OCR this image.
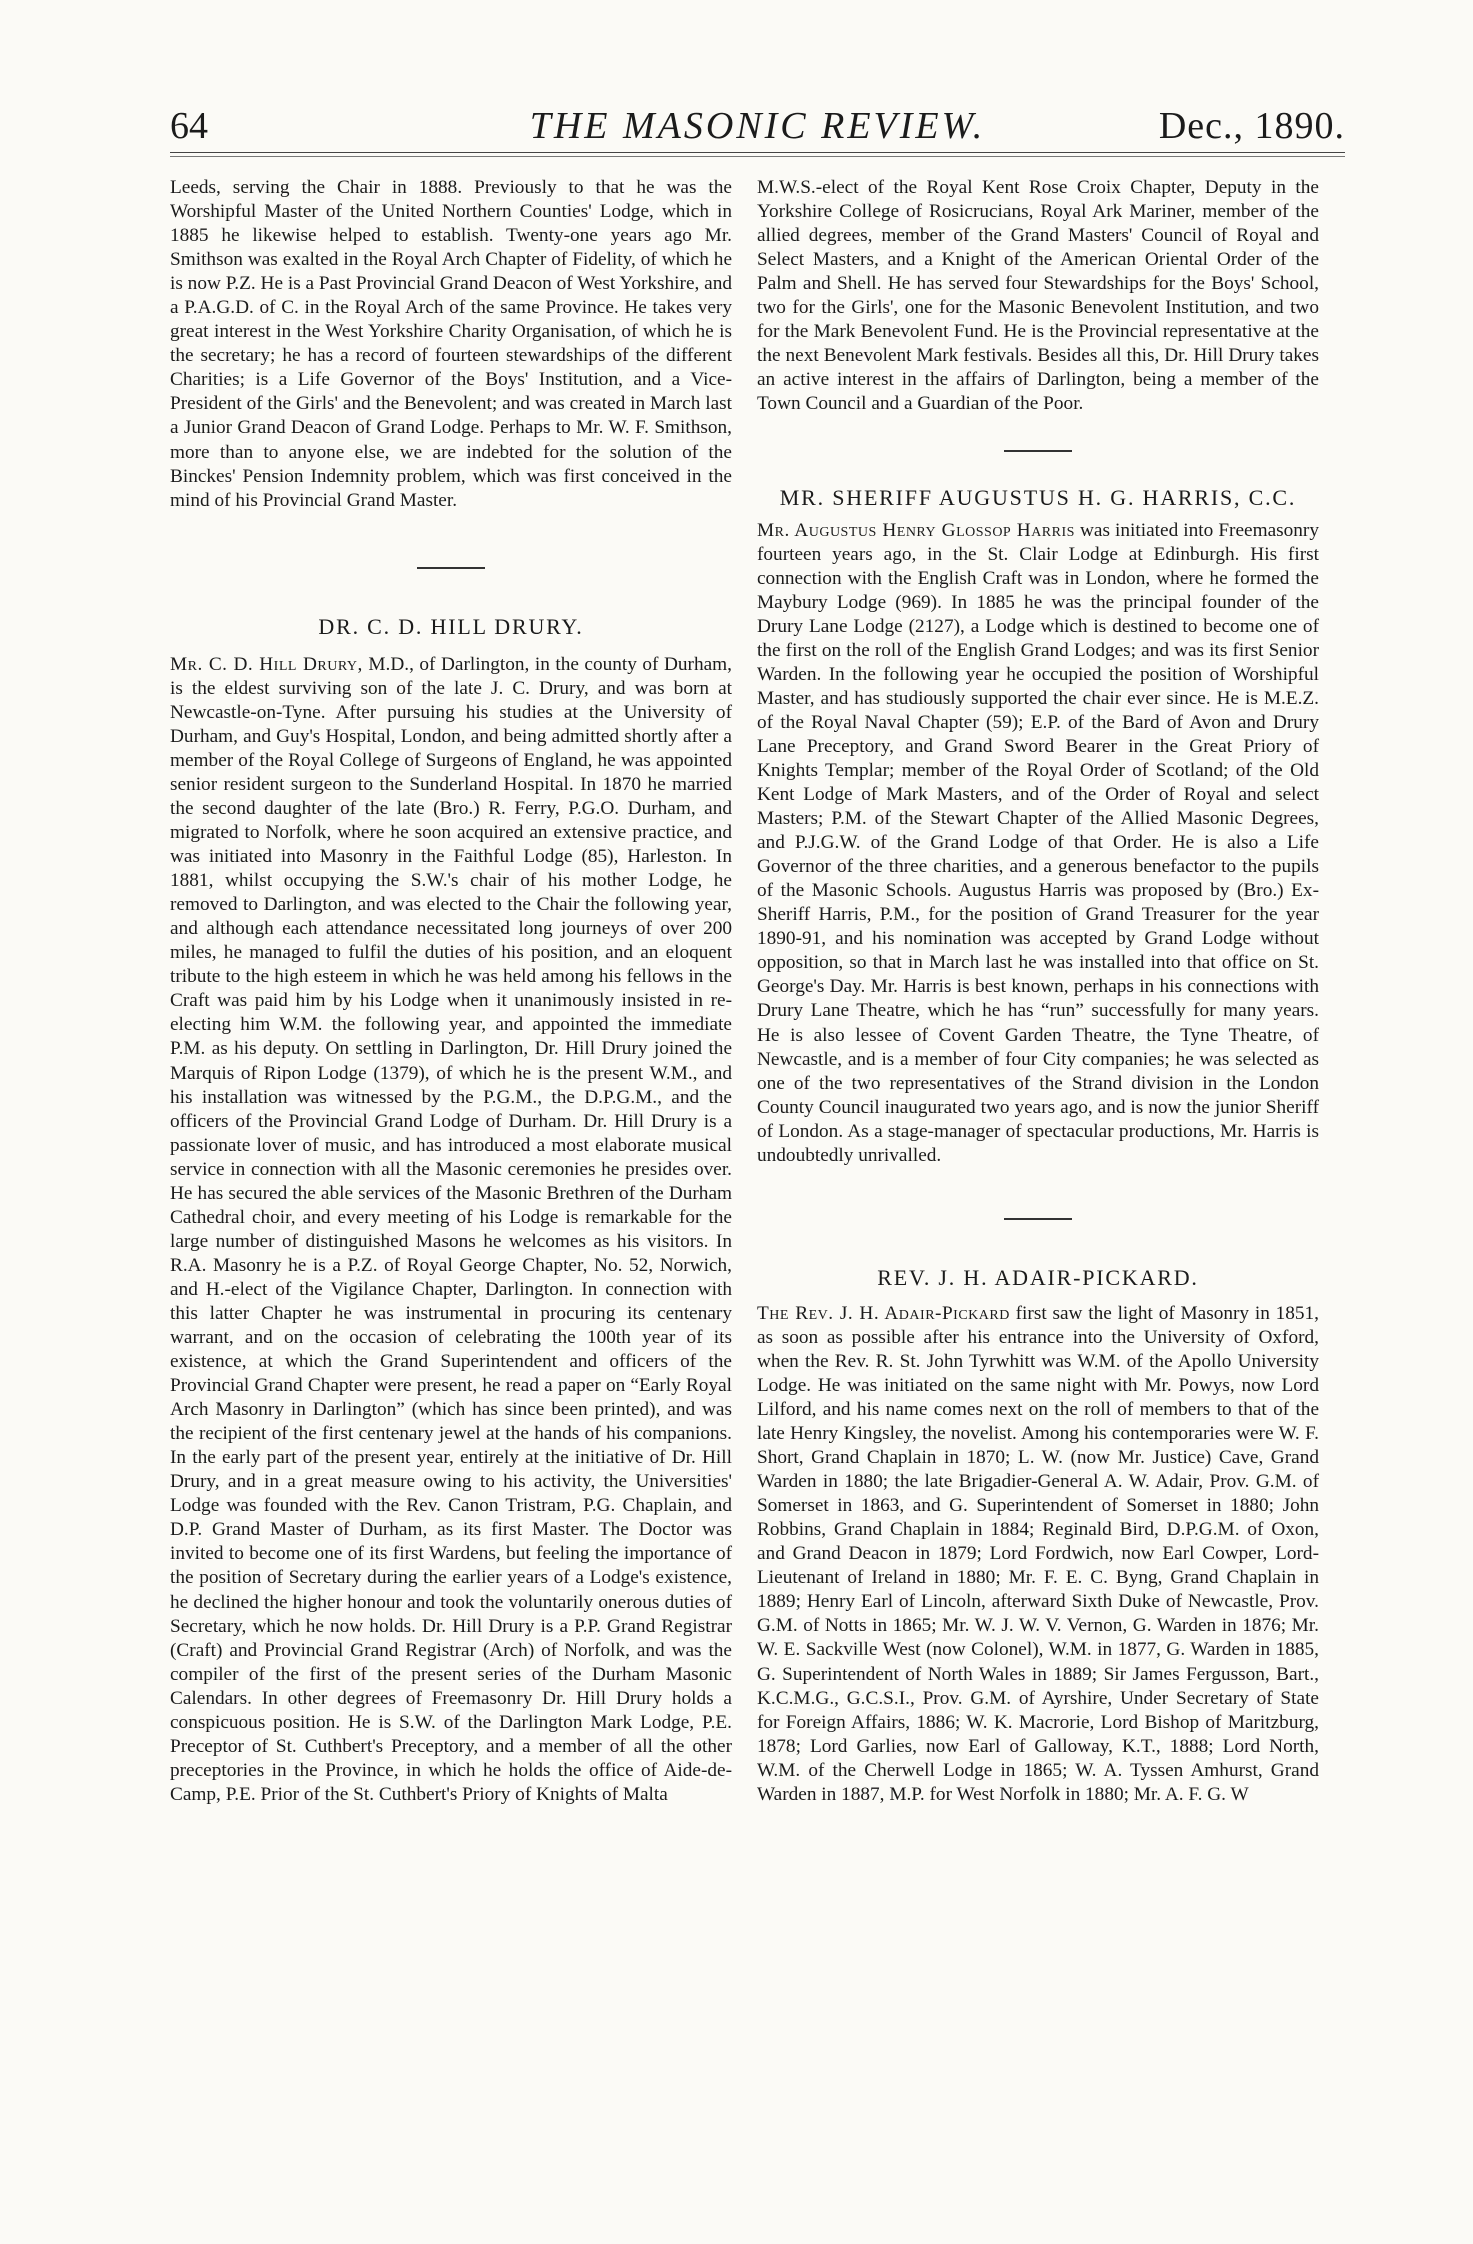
64	THE MASONIC REVIEW.	Dec., 1890.

Leeds, serving the Chair in 1888. Previously to that he was the Worshipful Master of the United Northern Counties' Lodge, which in 1885 he likewise helped to establish. Twenty-one years ago Mr. Smithson was exalted in the Royal Arch Chapter of Fidelity, of which he is now P.Z. He is a Past Provincial Grand Deacon of West Yorkshire, and a P.A.G.D. of C. in the Royal Arch of the same Province. He takes very great interest in the West Yorkshire Charity Organisation, of which he is the secretary; he has a record of fourteen stewardships of the different Charities; is a Life Governor of the Boys' Institution, and a Vice-President of the Girls' and the Benevolent; and was created in March last a Junior Grand Deacon of Grand Lodge. Perhaps to Mr. W. F. Smithson, more than to anyone else, we are indebted for the solution of the Binckes' Pension Indemnity problem, which was first conceived in the mind of his Provincial Grand Master.

DR. C. D. HILL DRURY.

Mr. C. D. Hill Drury, M.D., of Darlington, in the county of Durham, is the eldest surviving son of the late J. C. Drury, and was born at Newcastle-on-Tyne. After pursuing his studies at the University of Durham, and Guy's Hospital, London, and being admitted shortly after a member of the Royal College of Surgeons of England, he was appointed senior resident surgeon to the Sunderland Hospital. In 1870 he married the second daughter of the late (Bro.) R. Ferry, P.G.O. Durham, and migrated to Norfolk, where he soon acquired an extensive practice, and was initiated into Masonry in the Faithful Lodge (85), Harleston. In 1881, whilst occupying the S.W.'s chair of his mother Lodge, he removed to Darlington, and was elected to the Chair the following year, and although each attendance necessitated long journeys of over 200 miles, he managed to fulfil the duties of his position, and an eloquent tribute to the high esteem in which he was held among his fellows in the Craft was paid him by his Lodge when it unanimously insisted in re-electing him W.M. the following year, and appointed the immediate P.M. as his deputy. On settling in Darlington, Dr. Hill Drury joined the Marquis of Ripon Lodge (1379), of which he is the present W.M., and his installation was witnessed by the P.G.M., the D.P.G.M., and the officers of the Provincial Grand Lodge of Durham. Dr. Hill Drury is a passionate lover of music, and has introduced a most elaborate musical service in connection with all the Masonic ceremonies he presides over. He has secured the able services of the Masonic Brethren of the Durham Cathedral choir, and every meeting of his Lodge is remarkable for the large number of distinguished Masons he welcomes as his visitors. In R.A. Masonry he is a P.Z. of Royal George Chapter, No. 52, Norwich, and H.-elect of the Vigilance Chapter, Darlington. In connection with this latter Chapter he was instrumental in procuring its centenary warrant, and on the occasion of celebrating the 100th year of its existence, at which the Grand Superintendent and officers of the Provincial Grand Chapter were present, he read a paper on “Early Royal Arch Masonry in Darlington” (which has since been printed), and was the recipient of the first centenary jewel at the hands of his companions. In the early part of the present year, entirely at the initiative of Dr. Hill Drury, and in a great measure owing to his activity, the Universities' Lodge was founded with the Rev. Canon Tristram, P.G. Chaplain, and D.P. Grand Master of Durham, as its first Master. The Doctor was invited to become one of its first Wardens, but feeling the importance of the position of Secretary during the earlier years of a Lodge's existence, he declined the higher honour and took the voluntarily onerous duties of Secretary, which he now holds. Dr. Hill Drury is a P.P. Grand Registrar (Craft) and Provincial Grand Registrar (Arch) of Norfolk, and was the compiler of the first of the present series of the Durham Masonic Calendars. In other degrees of Freemasonry Dr. Hill Drury holds a conspicuous position. He is S.W. of the Darlington Mark Lodge, P.E. Preceptor of St. Cuthbert's Preceptory, and a member of all the other preceptories in the Province, in which he holds the office of Aide-de-Camp, P.E. Prior of the St. Cuthbert's Priory of Knights of Malta

M.W.S.-elect of the Royal Kent Rose Croix Chapter, Deputy in the Yorkshire College of Rosicrucians, Royal Ark Mariner, member of the allied degrees, member of the Grand Masters' Council of Royal and Select Masters, and a Knight of the American Oriental Order of the Palm and Shell. He has served four Stewardships for the Boys' School, two for the Girls', one for the Masonic Benevolent Institution, and two for the Mark Benevolent Fund. He is the Provincial representative at the the next Benevolent Mark festivals. Besides all this, Dr. Hill Drury takes an active interest in the affairs of Darlington, being a member of the Town Council and a Guardian of the Poor.

MR. SHERIFF AUGUSTUS H. G. HARRIS, C.C.

Mr. Augustus Henry Glossop Harris was initiated into Freemasonry fourteen years ago, in the St. Clair Lodge at Edinburgh. His first connection with the English Craft was in London, where he formed the Maybury Lodge (969). In 1885 he was the principal founder of the Drury Lane Lodge (2127), a Lodge which is destined to become one of the first on the roll of the English Grand Lodges; and was its first Senior Warden. In the following year he occupied the position of Worshipful Master, and has studiously supported the chair ever since. He is M.E.Z. of the Royal Naval Chapter (59); E.P. of the Bard of Avon and Drury Lane Preceptory, and Grand Sword Bearer in the Great Priory of Knights Templar; member of the Royal Order of Scotland; of the Old Kent Lodge of Mark Masters, and of the Order of Royal and select Masters; P.M. of the Stewart Chapter of the Allied Masonic Degrees, and P.J.G.W. of the Grand Lodge of that Order. He is also a Life Governor of the three charities, and a generous benefactor to the pupils of the Masonic Schools. Augustus Harris was proposed by (Bro.) Ex-Sheriff Harris, P.M., for the position of Grand Treasurer for the year 1890-91, and his nomination was accepted by Grand Lodge without opposition, so that in March last he was installed into that office on St. George's Day. Mr. Harris is best known, perhaps in his connections with Drury Lane Theatre, which he has “run” successfully for many years. He is also lessee of Covent Garden Theatre, the Tyne Theatre, of Newcastle, and is a member of four City companies; he was selected as one of the two representatives of the Strand division in the London County Council inaugurated two years ago, and is now the junior Sheriff of London. As a stage-manager of spectacular productions, Mr. Harris is undoubtedly unrivalled.

REV. J. H. ADAIR-PICKARD.

The Rev. J. H. Adair-Pickard first saw the light of Masonry in 1851, as soon as possible after his entrance into the University of Oxford, when the Rev. R. St. John Tyrwhitt was W.M. of the Apollo University Lodge. He was initiated on the same night with Mr. Powys, now Lord Lilford, and his name comes next on the roll of members to that of the late Henry Kingsley, the novelist. Among his contemporaries were W. F. Short, Grand Chaplain in 1870; L. W. (now Mr. Justice) Cave, Grand Warden in 1880; the late Brigadier-General A. W. Adair, Prov. G.M. of Somerset in 1863, and G. Superintendent of Somerset in 1880; John Robbins, Grand Chaplain in 1884; Reginald Bird, D.P.G.M. of Oxon, and Grand Deacon in 1879; Lord Fordwich, now Earl Cowper, Lord-Lieutenant of Ireland in 1880; Mr. F. E. C. Byng, Grand Chaplain in 1889; Henry Earl of Lincoln, afterward Sixth Duke of Newcastle, Prov. G.M. of Notts in 1865; Mr. W. J. W. V. Vernon, G. Warden in 1876; Mr. W. E. Sackville West (now Colonel), W.M. in 1877, G. Warden in 1885, G. Superintendent of North Wales in 1889; Sir James Fergusson, Bart., K.C.M.G., G.C.S.I., Prov. G.M. of Ayrshire, Under Secretary of State for Foreign Affairs, 1886; W. K. Macrorie, Lord Bishop of Maritzburg, 1878; Lord Garlies, now Earl of Galloway, K.T., 1888; Lord North, W.M. of the Cherwell Lodge in 1865; W. A. Tyssen Amhurst, Grand Warden in 1887, M.P. for West Norfolk in 1880; Mr. A. F. G. W
